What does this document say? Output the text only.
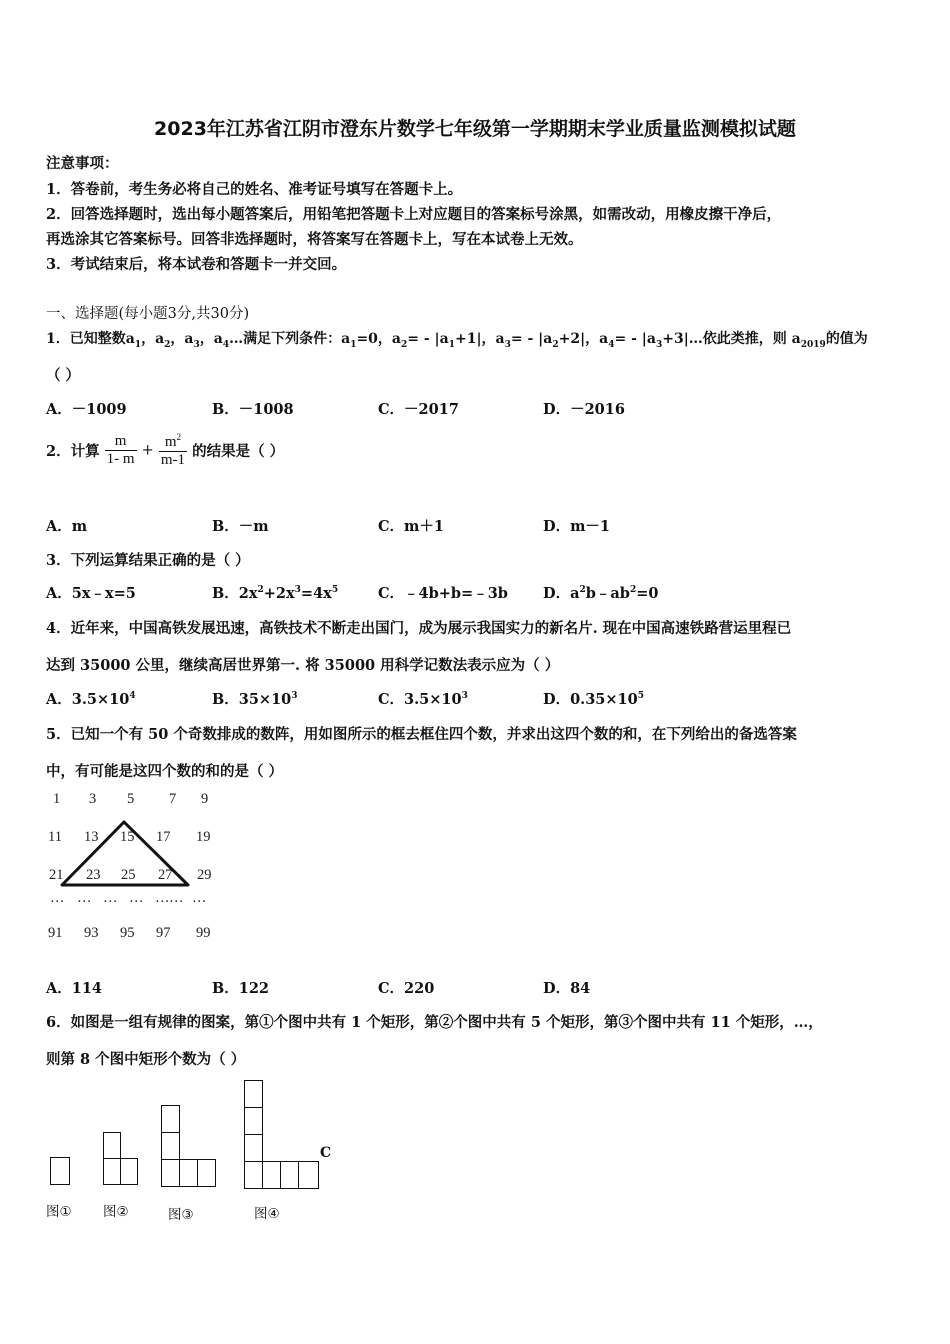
2023年江苏省江阴市澄东片数学七年级第一学期期末学业质量监测模拟试题
注意事项：
1．答卷前，考生务必将自己的姓名、准考证号填写在答题卡上。
2．回答选择题时，选出每小题答案后，用铅笔把答题卡上对应题目的答案标号涂黑，如需改动，用橡皮擦干净后，
再选涂其它答案标号。回答非选择题时，将答案写在答题卡上，写在本试卷上无效。
3．考试结束后，将本试卷和答题卡一并交回。
一、选择题(每小题3分,共30分)
1．已知整数$a_1$，$a_2$，$a_3$，$a_4\dots$满足下列条件：$a_1=0$，$a_2= - |a_1+1|$，$a_3= - |a_2+2|$，$a_4=$ - $|a_3+3|\dots$依此类推，则 $a_{2019}$的值为
（ ）
A．－1009	B．－1008	C．－2017	D．－2016
2．计算 $\frac{m}{1- m} + \frac{m^2}{m-1}$ 的结果是（ ）
A．m	B．－m	C．m＋1	D．m－1
3．下列运算结果正确的是（ ）
A．5x﹣x=5	B．$2x^2+2x^3=4x^5$	C．﹣4b+b=﹣3b D．$a^2b﹣ab^2=0$
4．近年来，中国高铁发展迅速，高铁技术不断走出国门，成为展示我国实力的新名片. 现在中国高速铁路营运里程已
达到 35000 公里，继续高居世界第一. 将 35000 用科学记数法表示应为（ ）
A．$3.5\times 10^4$	B．$35\times 10^3$	C．$3.5\times 10^3$	D．$0.35\times 10^5$
5．已知一个有 50 个奇数排成的数阵，用如图所示的框去框住四个数，并求出这四个数的和，在下列给出的备选答案
中，有可能是这四个数的和的是（ ）
1 3 5 7 9
11 13 15 17 19
21 23 25 27 29
… … … … … … …
91 93 95 97 99
A．114	B．122	C．220	D．84
6．如图是一组有规律的图案，第①个图中共有 1 个矩形，第②个图中共有 5 个矩形，第③个图中共有 11 个矩形，…，
则第 8 个图中矩形个数为（ ）
C
图① 图②	图③	图④
